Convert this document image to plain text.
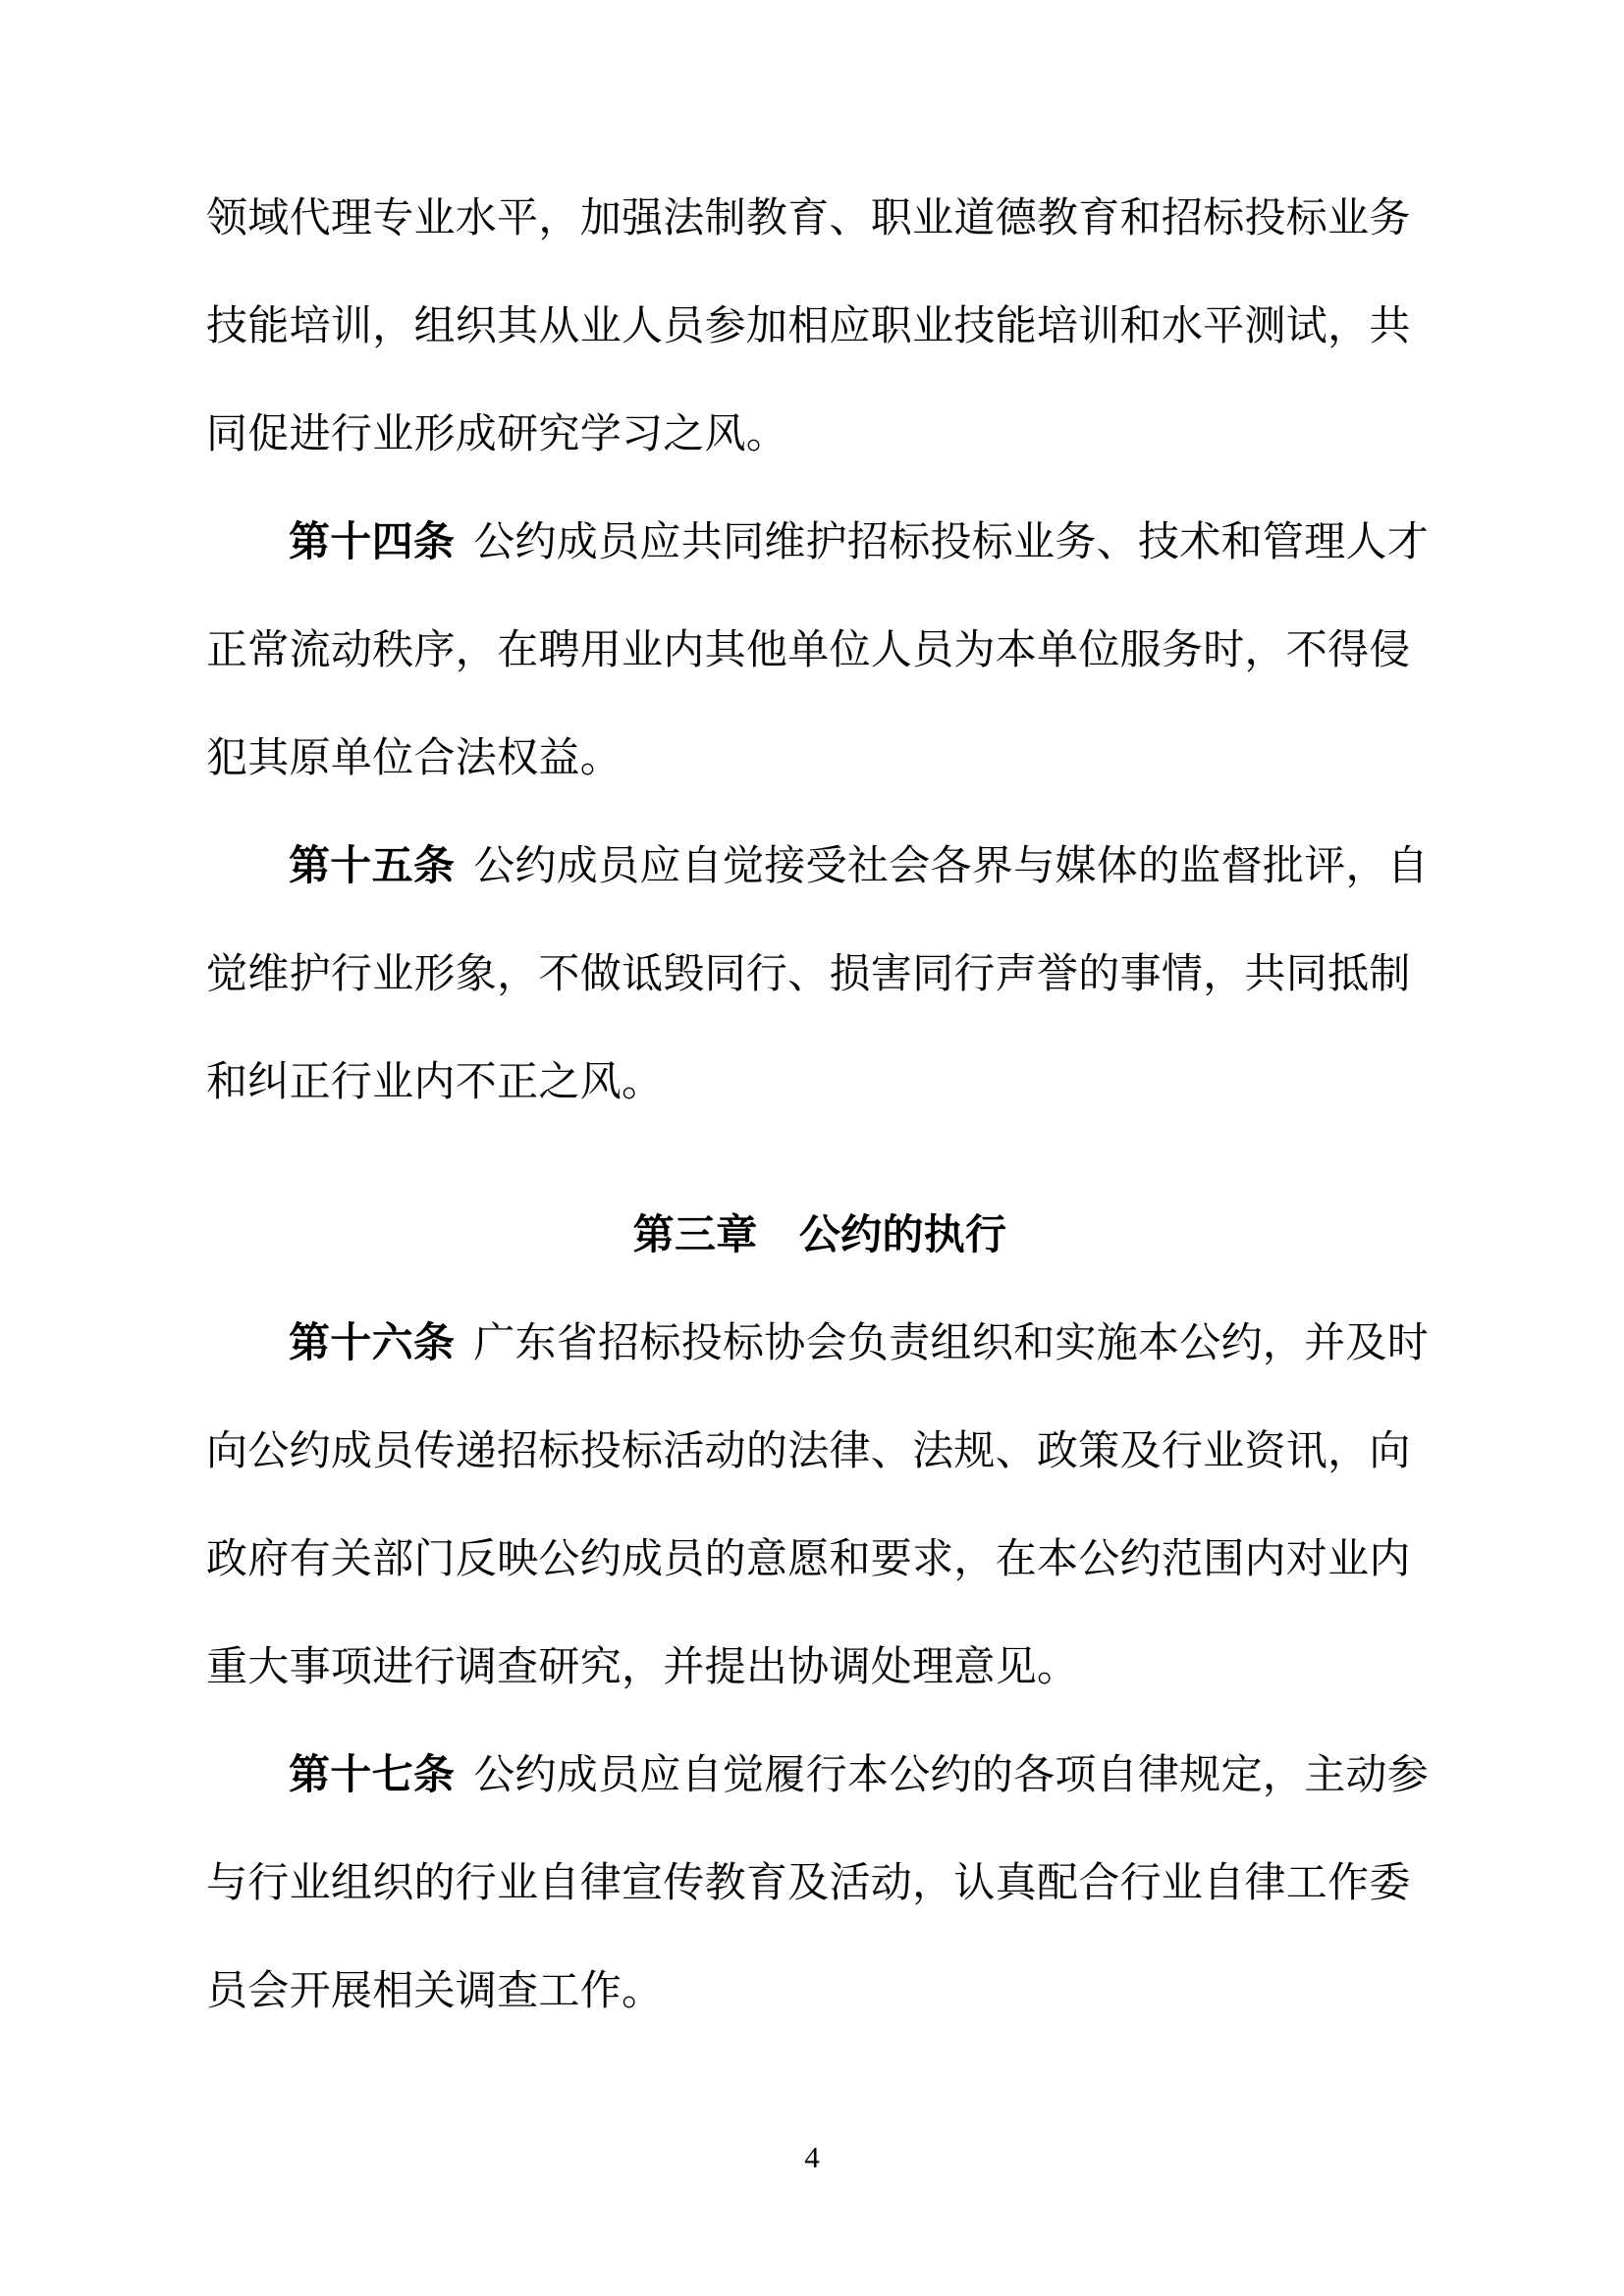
领域代理专业水平，加强法制教育、职业道德教育和招标投标业务
技能培训，组织其从业人员参加相应职业技能培训和水平测试，共
同促进行业形成研究学习之风。
第十四条 公约成员应共同维护招标投标业务、技术和管理人才
正常流动秩序，在聘用业内其他单位人员为本单位服务时，不得侵
犯其原单位合法权益。
第十五条 公约成员应自觉接受社会各界与媒体的监督批评，自
觉维护行业形象，不做诋毁同行、损害同行声誉的事情，共同抵制
和纠正行业内不正之风。
第三章　公约的执行
第十六条 广东省招标投标协会负责组织和实施本公约，并及时
向公约成员传递招标投标活动的法律、法规、政策及行业资讯，向
政府有关部门反映公约成员的意愿和要求，在本公约范围内对业内
重大事项进行调查研究，并提出协调处理意见。
第十七条 公约成员应自觉履行本公约的各项自律规定，主动参
与行业组织的行业自律宣传教育及活动，认真配合行业自律工作委
员会开展相关调查工作。
4
